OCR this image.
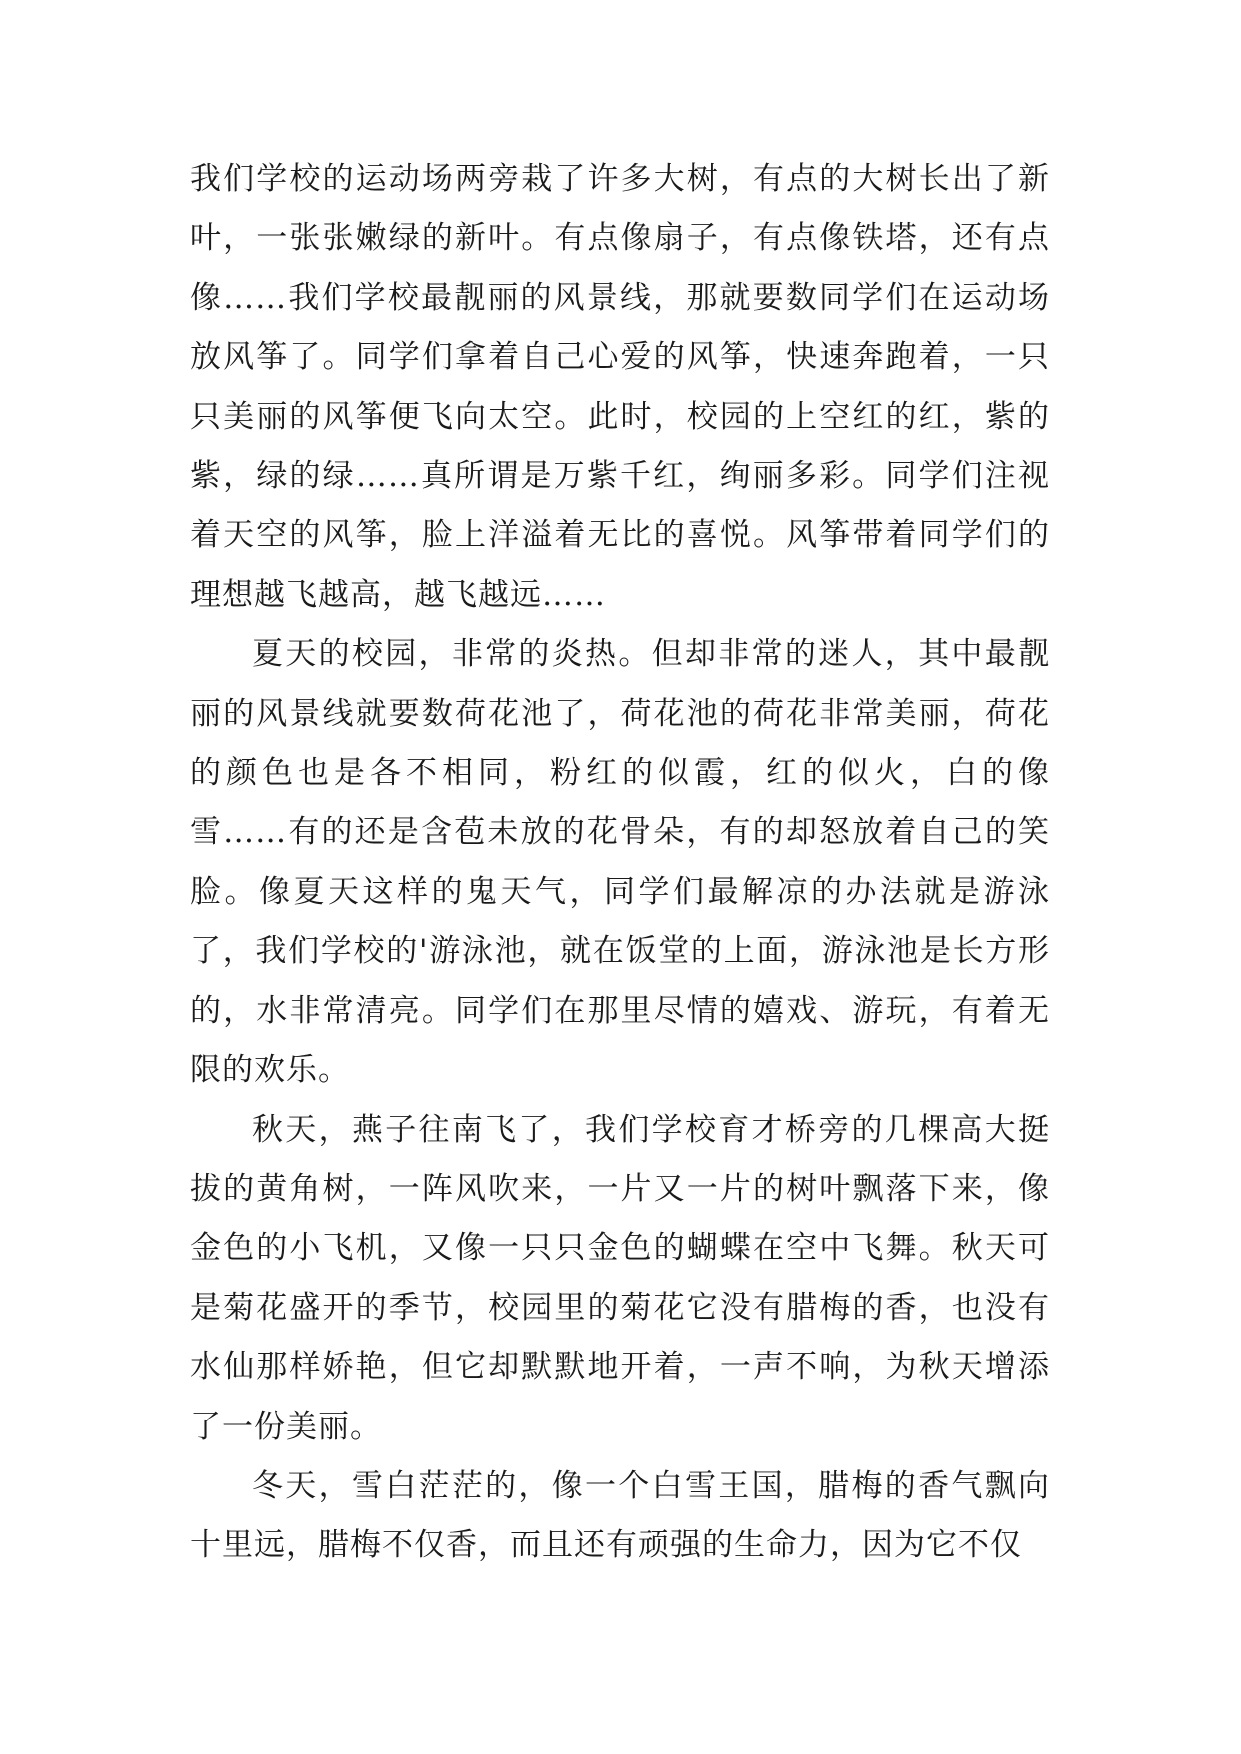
我们学校的运动场两旁栽了许多大树，有点的大树长出了新叶，一张张嫩绿的新叶。有点像扇子，有点像铁塔，还有点像……我们学校最靓丽的风景线，那就要数同学们在运动场放风筝了。同学们拿着自己心爱的风筝，快速奔跑着，一只只美丽的风筝便飞向太空。此时，校园的上空红的红，紫的紫，绿的绿……真所谓是万紫千红，绚丽多彩。同学们注视着天空的风筝，脸上洋溢着无比的喜悦。风筝带着同学们的理想越飞越高，越飞越远……

夏天的校园，非常的炎热。但却非常的迷人，其中最靓丽的风景线就要数荷花池了，荷花池的荷花非常美丽，荷花的颜色也是各不相同，粉红的似霞，红的似火，白的像雪……有的还是含苞未放的花骨朵，有的却怒放着自己的笑脸。像夏天这样的鬼天气，同学们最解凉的办法就是游泳了，我们学校的'游泳池，就在饭堂的上面，游泳池是长方形的，水非常清亮。同学们在那里尽情的嬉戏、游玩，有着无限的欢乐。

秋天，燕子往南飞了，我们学校育才桥旁的几棵高大挺拔的黄角树，一阵风吹来，一片又一片的树叶飘落下来，像金色的小飞机，又像一只只金色的蝴蝶在空中飞舞。秋天可是菊花盛开的季节，校园里的菊花它没有腊梅的香，也没有水仙那样娇艳，但它却默默地开着，一声不响，为秋天增添了一份美丽。

冬天，雪白茫茫的，像一个白雪王国，腊梅的香气飘向十里远，腊梅不仅香，而且还有顽强的生命力，因为它不仅
